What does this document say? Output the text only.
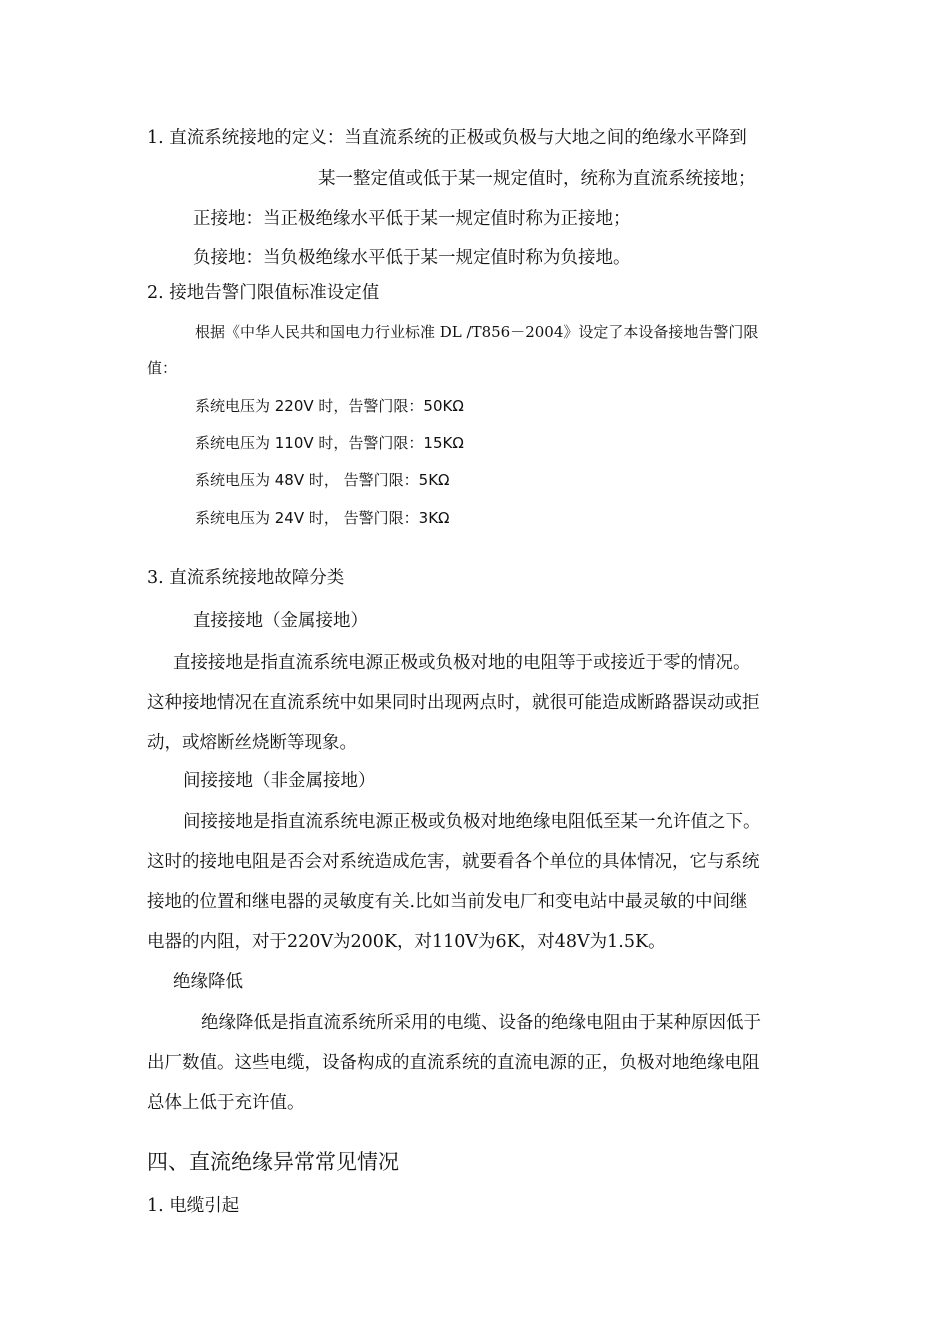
1. 直流系统接地的定义：当直流系统的正极或负极与大地之间的绝缘水平降到
某一整定值或低于某一规定值时，统称为直流系统接地；
正接地：当正极绝缘水平低于某一规定值时称为正接地；
负接地：当负极绝缘水平低于某一规定值时称为负接地。
2. 接地告警门限值标准设定值
根据《中华人民共和国电力行业标准 DL /T856－2004》设定了本设备接地告警门限
值：
系统电压为 220V 时，告警门限：50KΩ
系统电压为 110V 时，告警门限：15KΩ
系统电压为 48V 时， 告警门限：5KΩ
系统电压为 24V 时， 告警门限：3KΩ
3. 直流系统接地故障分类
直接接地（金属接地）
直接接地是指直流系统电源正极或负极对地的电阻等于或接近于零的情况。
这种接地情况在直流系统中如果同时出现两点时，就很可能造成断路器误动或拒
动，或熔断丝烧断等现象。
间接接地（非金属接地）
间接接地是指直流系统电源正极或负极对地绝缘电阻低至某一允许值之下。
这时的接地电阻是否会对系统造成危害，就要看各个单位的具体情况，它与系统
接地的位置和继电器的灵敏度有关.比如当前发电厂和变电站中最灵敏的中间继
电器的内阻，对于220V为200K，对110V为6K，对48V为1.5K。
绝缘降低
绝缘降低是指直流系统所采用的电缆、设备的绝缘电阻由于某种原因低于
出厂数值。这些电缆，设备构成的直流系统的直流电源的正，负极对地绝缘电阻
总体上低于充许值。
四、直流绝缘异常常见情况
1. 电缆引起
